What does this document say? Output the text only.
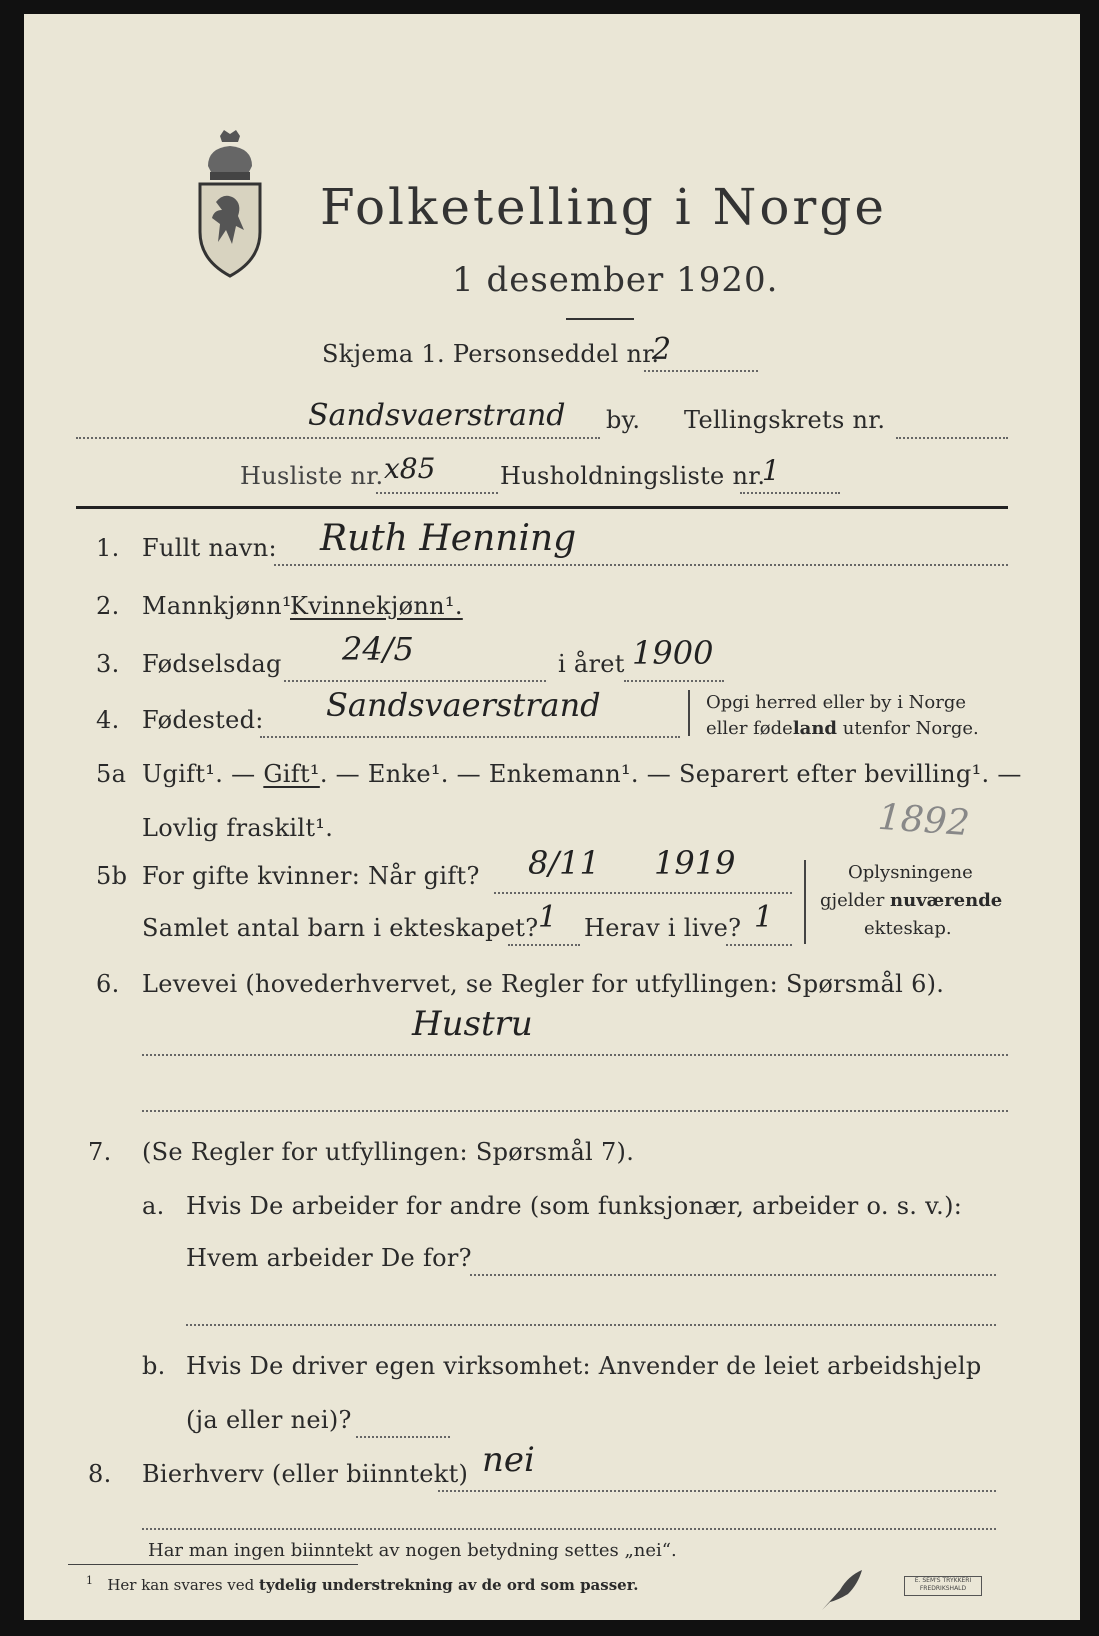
Folketelling i Norge
1 desember 1920.
Skjema 1. Personseddel nr.
2
Sandsvaerstrand by. Tellingskrets nr.
Husliste nr. x85	Husholdningsliste nr.
1
1. Fullt navn: Ruth Henning
2. Mannkjønn¹.
Kvinnekjønn¹.
3. Fødselsdag 24/5	i året 1900
4. Fødested: Sandsvaerstrand	Opgi herred eller by i Norge
eller fødeland utenfor Norge.
5a Ugift¹. — Gift¹. — Enke¹. — Enkemann¹. — Separert efter bevilling¹. —
Lovlig fraskilt¹.	1892
5b For gifte kvinner: Når gift? 8/11 1919
Samlet antal barn i ekteskapet? 1 Herav i live? 1
Oplysningene
gjelder nuværende
ekteskap.
6. Levevei (hovederhvervet, se Regler for utfyllingen: Spørsmål 6).
Hustru
7. (Se Regler for utfyllingen: Spørsmål 7).
a. Hvis De arbeider for andre (som funksjonær, arbeider o. s. v.):
Hvem arbeider De for?
b. Hvis De driver egen virksomhet: Anvender de leiet arbeidshjelp
(ja eller nei)?
8. Bierhverv (eller biinntekt) nei
Har man ingen biinntekt av nogen betydning settes „nei“.
$^1$ Her kan svares ved tydelig understrekning av de ord som passer.	E. SEM'S TRYKKERI
FREDRIKSHALD
